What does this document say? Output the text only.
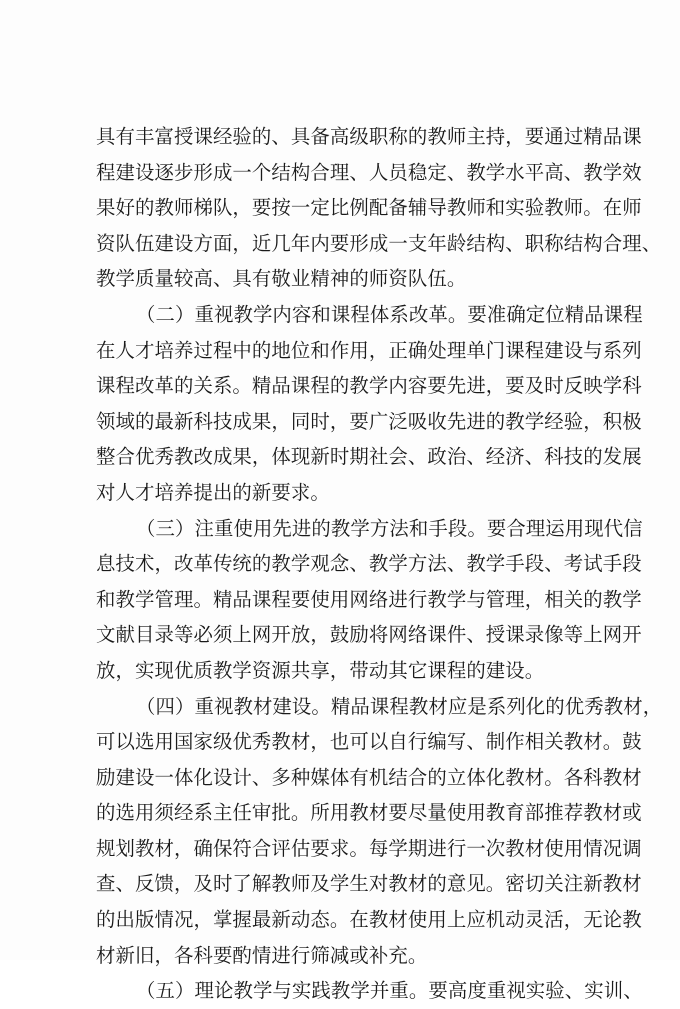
具有丰富授课经验的、具备高级职称的教师主持，要通过精品课
程建设逐步形成一个结构合理、人员稳定、教学水平高、教学效
果好的教师梯队，要按一定比例配备辅导教师和实验教师。在师
资队伍建设方面，近几年内要形成一支年龄结构、职称结构合理、
教学质量较高、具有敬业精神的师资队伍。
（二）重视教学内容和课程体系改革。要准确定位精品课程
在人才培养过程中的地位和作用，正确处理单门课程建设与系列
课程改革的关系。精品课程的教学内容要先进，要及时反映学科
领域的最新科技成果，同时，要广泛吸收先进的教学经验，积极
整合优秀教改成果，体现新时期社会、政治、经济、科技的发展
对人才培养提出的新要求。
（三）注重使用先进的教学方法和手段。要合理运用现代信
息技术，改革传统的教学观念、教学方法、教学手段、考试手段
和教学管理。精品课程要使用网络进行教学与管理，相关的教学
文献目录等必须上网开放，鼓励将网络课件、授课录像等上网开
放，实现优质教学资源共享，带动其它课程的建设。
（四）重视教材建设。精品课程教材应是系列化的优秀教材，
可以选用国家级优秀教材，也可以自行编写、制作相关教材。鼓
励建设一体化设计、多种媒体有机结合的立体化教材。各科教材
的选用须经系主任审批。所用教材要尽量使用教育部推荐教材或
规划教材，确保符合评估要求。每学期进行一次教材使用情况调
查、反馈，及时了解教师及学生对教材的意见。密切关注新教材
的出版情况，掌握最新动态。在教材使用上应机动灵活，无论教
材新旧，各科要酌情进行筛减或补充。
（五）理论教学与实践教学并重。要高度重视实验、实训、
